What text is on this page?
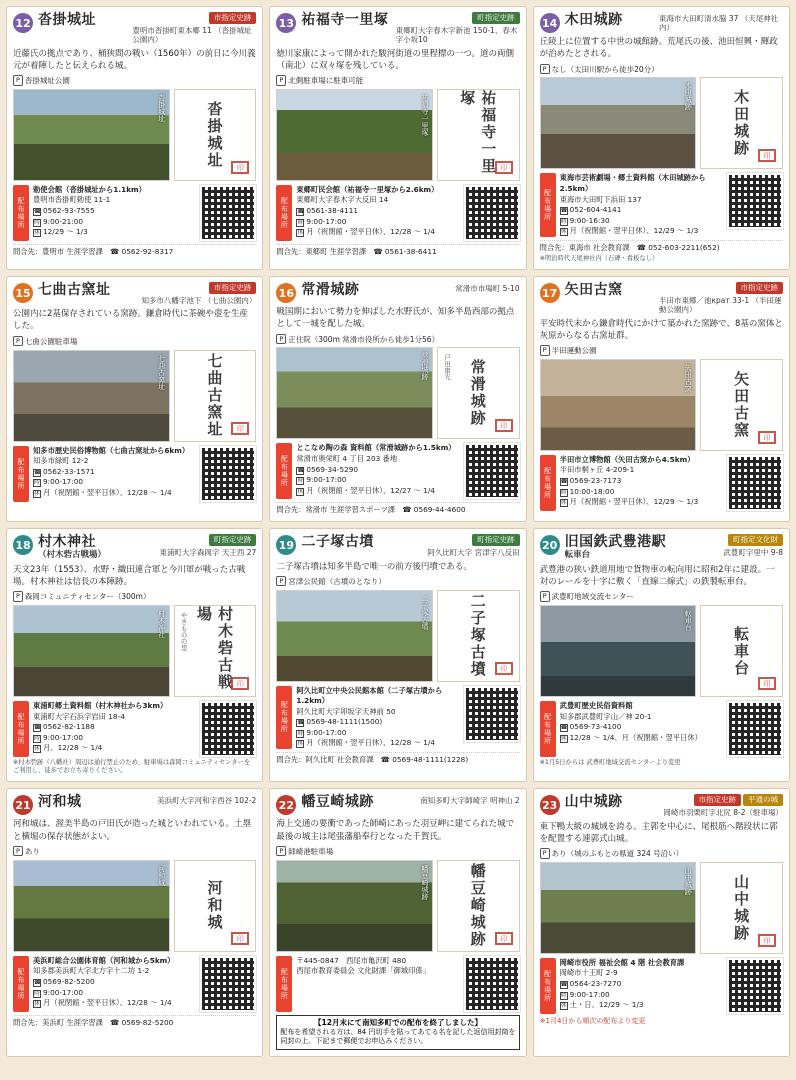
12 沓掛城址	市指定史跡
豊明市沓掛町東本郷 11 （沓掛城址公園内）
近藤氏の拠点であり、桶狭間の戦い（1560年）の前日に今川義元が着陣したと伝えられる城。
P 沓掛城址公園
沓掛城址	沓掛城址	印
配布場所
勅使会館（沓掛城址から1.1km）
豊明市沓掛町勅使 11-1
☎ 0562-93-7555
時 9:00-21:00
休 12/29 〜 1/3
問合先：豊明市 生涯学習課　☎ 0562-92-8317
13 祐福寺一里塚	町指定史跡
東郷町大字春木字新池 150-1、春木字小坂10
徳川家康によって開かれた駿河街道の里程標の一つ。道の両側（南北）に双々塚を残している。
P 北側駐車場に駐車可能
祐福寺一里塚	祐福寺一里塚
印
配布場所
東郷町民会館（祐福寺一里塚から2.6km）
東郷町大字春木字大反田 14
☎ 0561-38-4111
時 9:00-17:00
休 月（祝閉館・翌平日休）、12/28 〜 1/4
問合先：東郷町 生涯学習課　☎ 0561-38-6411
14 木田城跡	東海市大田町清水脇 37 （天尾神社内）
丘陵上に位置する中世の城館跡。荒尾氏の後、池田恒興・輝政が治めたとされる。
P なし（太田川駅から徒歩20分）
木田城跡	木田城跡	印
配布場所
東海市芸術劇場・郷土資料館（木田城跡から2.5km）
東海市大田町下浜田 137
☎ 052-604-4141
時 9:00-16:30
休 月（祝閉館・翌平日休）、12/29 〜 1/3
問合先：東海市 社会教育課　☎ 052-603-2211(652)
※明治時代天尾神社内（石碑・看板なし）
15 七曲古窯址	市指定史跡
知多市八幡字池下 （七曲公園内）
公園内に2基保存されている窯跡。鎌倉時代に茶碗や壺を生産した。
P 七曲公園駐車場
七曲古窯址	七曲古窯址	印
配布場所
知多市歴史民俗博物館（七曲古窯址から6km）
知多市緑町 12-2
☎ 0562-33-1571
時 9:00-17:00
休 月（祝閉館・翌平日休）、12/28 〜 1/4
16 常滑城跡	常滑市市場町 5-10
戦国期において勢力を伸ばした水野氏が、知多半島西部の拠点として一城を配した城。
P 正住院（300m 常滑市役所から徒歩1分56）
常滑城跡	常滑城跡
戸田康光
印
配布場所
とこなめ陶の森 資料館（常滑城跡から1.5km）
常滑市奥栄町 4 丁目 203 番地
☎ 0569-34-5290
時 9:00-17:00
休 月（祝閉館・翌平日休）、12/27 〜 1/4
問合先：常滑市 生涯学習スポーツ課　☎ 0569-44-4600
17 矢田古窯	市指定史跡
半田市東郷／池крат 33-1 （半田運動公園内）
平安時代末から鎌倉時代にかけて築かれた窯跡で、8基の窯体と灰原からなる古窯址群。
P 半田運動公園
矢田古窯	矢田古窯	印
配布場所
半田市立博物館（矢田古窯から4.5km）
半田市桐ヶ丘 4-209-1
☎ 0569-23-7173
時 10:00-18:00
休 月（祝閉館・翌平日休）、12/29 〜 1/3
18 村木神社
（村木砦古戦場）
町指定史跡
東浦町大字森岡字 天王西 27
天文23年（1553）、水野・織田連合軍と今川軍が戦った古戦場。村木神社は信長の本陣跡。
P 森岡コミュニティセンター（300m）
村木神社	村木砦古戦場
やきものの里
印
配布場所
東浦町郷土資料館（村木神社から3km）
東浦町大字石浜字岩田 18-4
☎ 0562-82-1188
時 9:00-17:00
休 月、12/28 〜 1/4
※村木砦跡（八幡社）周辺は通行禁止のため、駐車場は森岡コミュニティセンターをご利用し、徒歩でお立ち寄りください。
19 二子塚古墳	町指定史跡
阿久比町大字 宮津字八反田
二子塚古墳は知多半島で唯一の前方後円墳である。
P 宮津公民館（古墳のとなり）
二子塚古墳	二子塚古墳	印
配布場所
阿久比町立中央公民館本館（二子塚古墳から1.2km）
阿久比町大字卯坂字天神前 50
☎ 0569-48-1111(1500)
時 9:00-17:00
休 月（祝閉館・翌平日休）、12/28 〜 1/4
問合先：阿久比町 社会教育課　☎ 0569-48-1111(1228)
20 旧国鉄武豊港駅
転車台
町指定文化財
武豊町字里中 9-8
武豊港の狭い鉄道用地で貨物車の転向用に昭和2年に建設。一対のレールを十字に敷く「直線二線式」の鉄製転車台。
P 武豊町地域交流センター
転車台
転車台
印
配布場所
武豊町歴史民俗資料館
知多郡武豊町字山／神 20-1
☎ 0569-73-4100
休 12/28 〜 1/4、月（祝閉館・翌平日休）
※1月5日からは 武豊町地域交流センターより変更
21 河和城	美浜町大字河和字西谷 102-2
河和城は、渥美半島の戸田氏が造った城といわれている。土塁と横堀の保存状態がよい。
P あり
河和城
河和城
印
配布場所
美浜町総合公園体育館（河和城から5km）
知多郡美浜町大字北方字十二坊 1-2
☎ 0569-82-5200
時 9:00-17:00
休 月（祝閉館・翌平日休）、12/28 〜 1/4
問合先：美浜町 生涯学習課　☎ 0569-82-5200
22 幡豆崎城跡	南知多町大字師崎字 明神山 2
海上交通の要衝であった師崎にあった羽豆岬に建てられた城で最後の城主は尾張藩船奉行となった千賀氏。
P 師崎港駐車場
幡豆崎城跡	幡豆崎城跡	印
配布場所
〒445-0847　西尾市亀沢町 480
西尾市教育委員会 文化財課「御城印係」
【12月末にて南知多町での配布を終了しました】
配布を希望される方は、84 円切手を貼ってあてる名を記した返信用封筒を同封の上、下記まで郵便でお申込みください。
23 山中城跡	市指定史跡	平通の城
岡崎市羽栗町字北尻 8-2（駐車場）
東下鴨大級の城域を誇る。主郭を中心に、尾根筋へ階段状に郭を配置する連郭式山城。
P あり（城のふもとの県道 324 号沿い）
山中城跡	山中城跡	印
配布場所
岡崎市役所 福祉会館 4 階 社会教育課
岡崎市十王町 2-9
☎ 0564-23-7270
時 9:00-17:00
休 土・日、12/29 〜 1/3
※1月4日から順次の配布より変更
